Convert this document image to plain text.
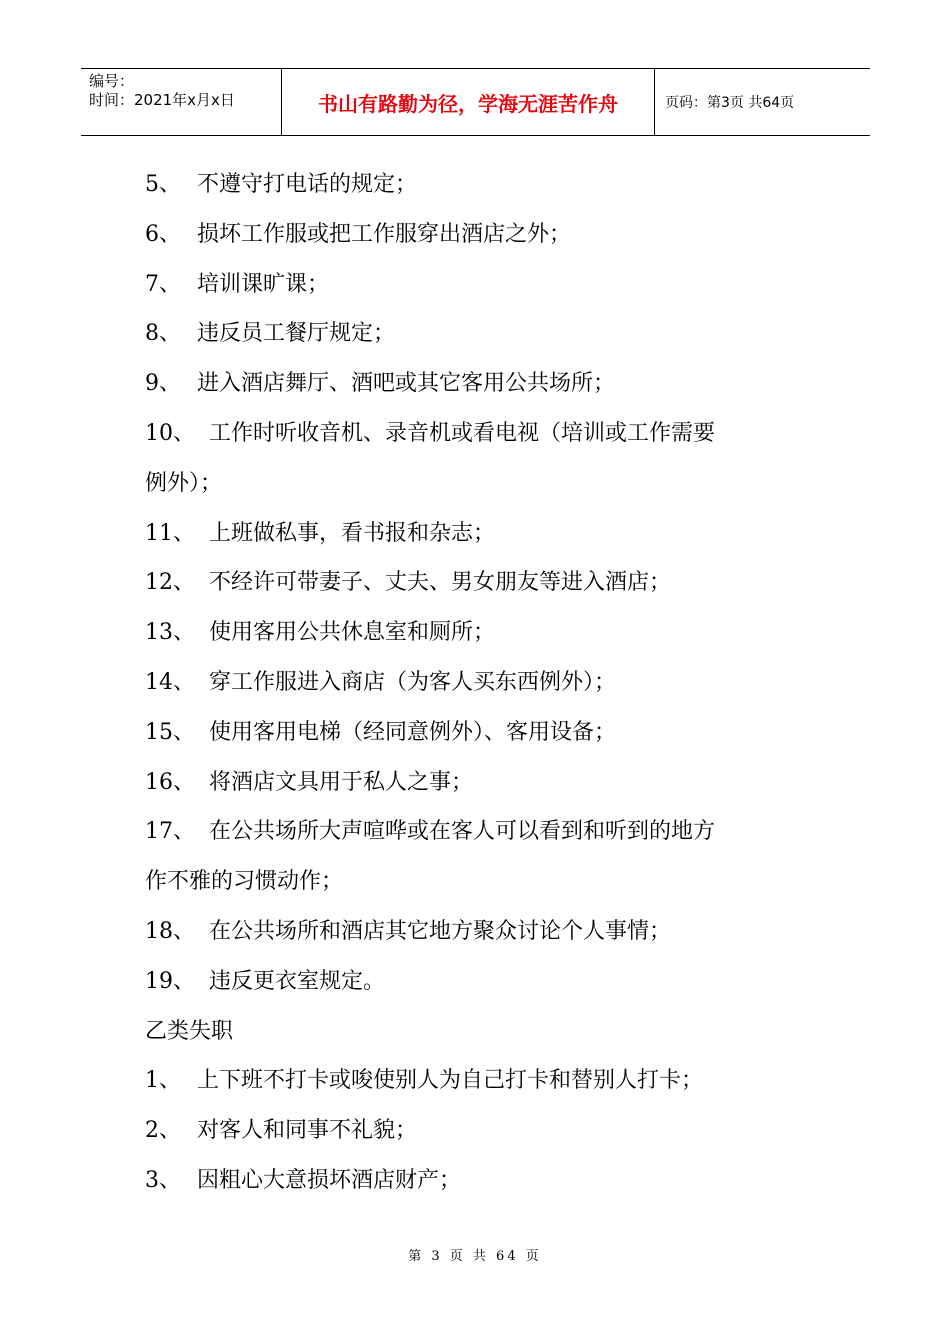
编号：
时间：2021年x月x日	书山有路勤为径，学海无涯苦作舟	页码：第3页 共64页
5、 不遵守打电话的规定；
6、 损坏工作服或把工作服穿出酒店之外；
7、 培训课旷课；
8、 违反员工餐厅规定；
9、 进入酒店舞厅、酒吧或其它客用公共场所；
10、 工作时听收音机、录音机或看电视（培训或工作需要
例外）；
11、 上班做私事，看书报和杂志；
12、 不经许可带妻子、丈夫、男女朋友等进入酒店；
13、 使用客用公共休息室和厕所；
14、 穿工作服进入商店（为客人买东西例外）；
15、 使用客用电梯（经同意例外）、客用设备；
16、 将酒店文具用于私人之事；
17、 在公共场所大声喧哗或在客人可以看到和听到的地方
作不雅的习惯动作；
18、 在公共场所和酒店其它地方聚众讨论个人事情；
19、 违反更衣室规定。
乙类失职
1、 上下班不打卡或唆使别人为自己打卡和替别人打卡；
2、 对客人和同事不礼貌；
3、 因粗心大意损坏酒店财产；
第 3 页 共 64 页
